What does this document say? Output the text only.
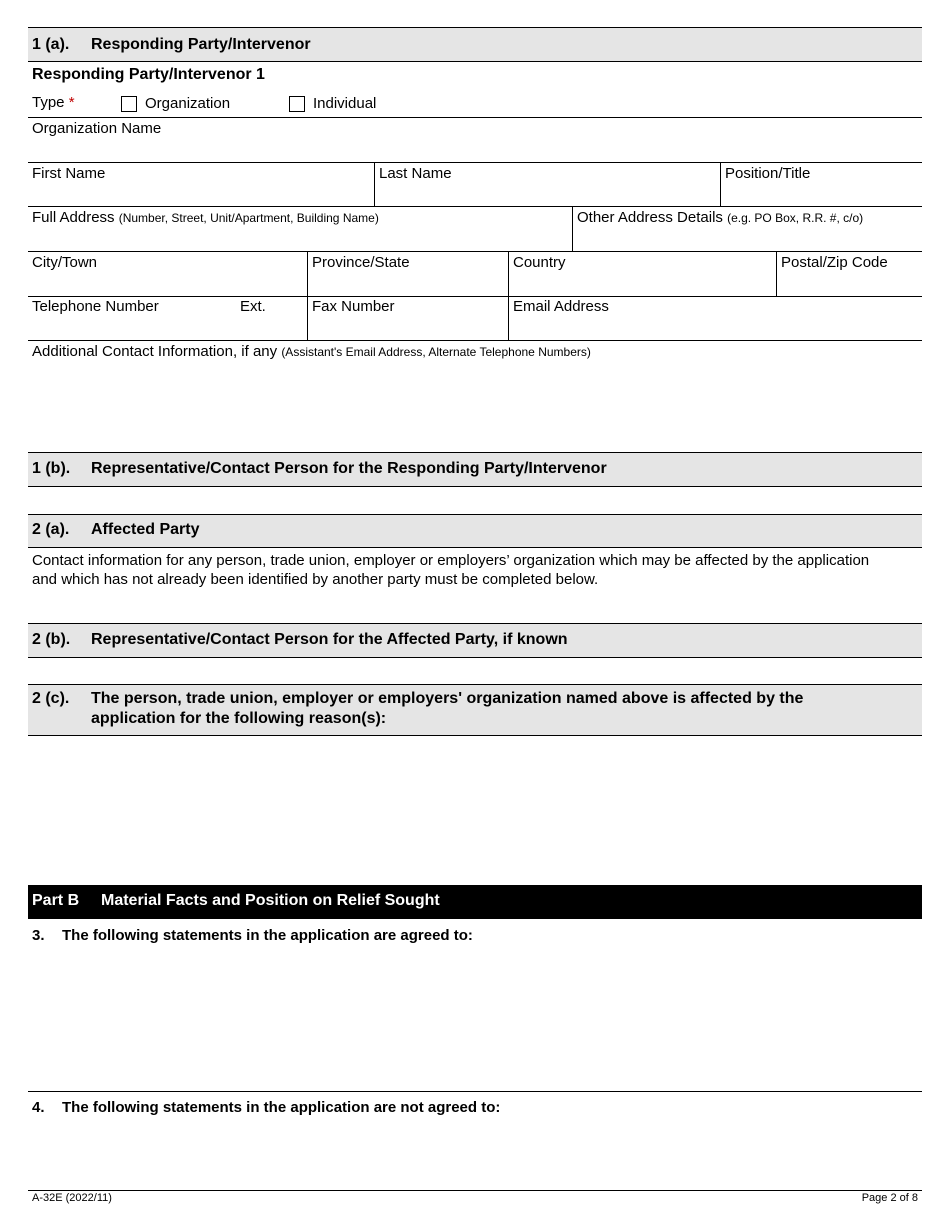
1 (a). Responding Party/Intervenor
Responding Party/Intervenor 1
Type *	Organization	Individual
Organization Name
First Name	Last Name	Position/Title
Full Address (Number, Street, Unit/Apartment, Building Name)	Other Address Details (e.g. PO Box, R.R. #, c/o)
City/Town	Province/State	Country	Postal/Zip Code
Telephone Number	Ext.	Fax Number	Email Address
Additional Contact Information, if any (Assistant's Email Address, Alternate Telephone Numbers)
1 (b). Representative/Contact Person for the Responding Party/Intervenor
2 (a). Affected Party
Contact information for any person, trade union, employer or employers’ organization which may be affected by the application
and which has not already been identified by another party must be completed below.
2 (b). Representative/Contact Person for the Affected Party, if known
2 (c). The person, trade union, employer or employers' organization named above is affected by the
application for the following reason(s):
Part B Material Facts and Position on Relief Sought
3. The following statements in the application are agreed to:
4. The following statements in the application are not agreed to:
A-32E (2022/11)	Page 2 of 8
